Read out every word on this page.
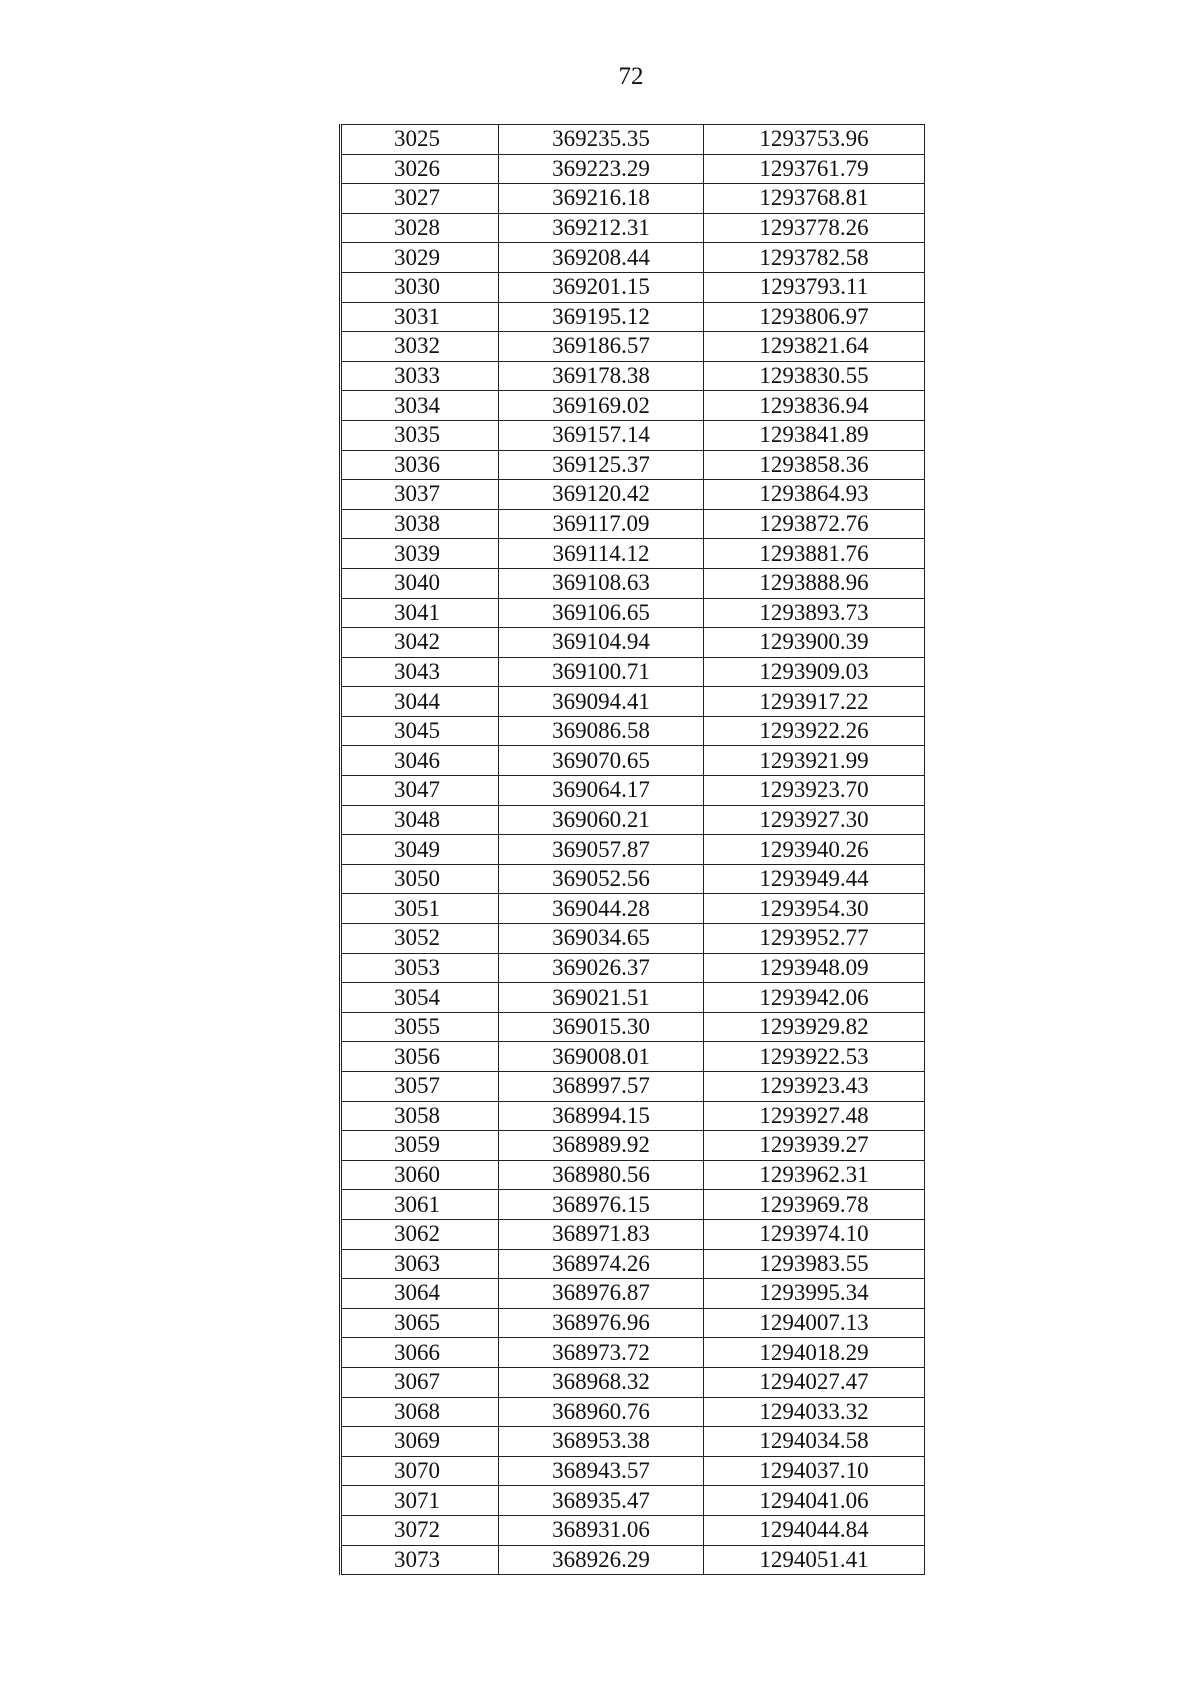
72
3025	369235.35	1293753.96
3026	369223.29	1293761.79
3027	369216.18	1293768.81
3028	369212.31	1293778.26
3029	369208.44	1293782.58
3030	369201.15	1293793.11
3031	369195.12	1293806.97
3032	369186.57	1293821.64
3033	369178.38	1293830.55
3034	369169.02	1293836.94
3035	369157.14	1293841.89
3036	369125.37	1293858.36
3037	369120.42	1293864.93
3038	369117.09	1293872.76
3039	369114.12	1293881.76
3040	369108.63	1293888.96
3041	369106.65	1293893.73
3042	369104.94	1293900.39
3043	369100.71	1293909.03
3044	369094.41	1293917.22
3045	369086.58	1293922.26
3046	369070.65	1293921.99
3047	369064.17	1293923.70
3048	369060.21	1293927.30
3049	369057.87	1293940.26
3050	369052.56	1293949.44
3051	369044.28	1293954.30
3052	369034.65	1293952.77
3053	369026.37	1293948.09
3054	369021.51	1293942.06
3055	369015.30	1293929.82
3056	369008.01	1293922.53
3057	368997.57	1293923.43
3058	368994.15	1293927.48
3059	368989.92	1293939.27
3060	368980.56	1293962.31
3061	368976.15	1293969.78
3062	368971.83	1293974.10
3063	368974.26	1293983.55
3064	368976.87	1293995.34
3065	368976.96	1294007.13
3066	368973.72	1294018.29
3067	368968.32	1294027.47
3068	368960.76	1294033.32
3069	368953.38	1294034.58
3070	368943.57	1294037.10
3071	368935.47	1294041.06
3072	368931.06	1294044.84
3073	368926.29	1294051.41
